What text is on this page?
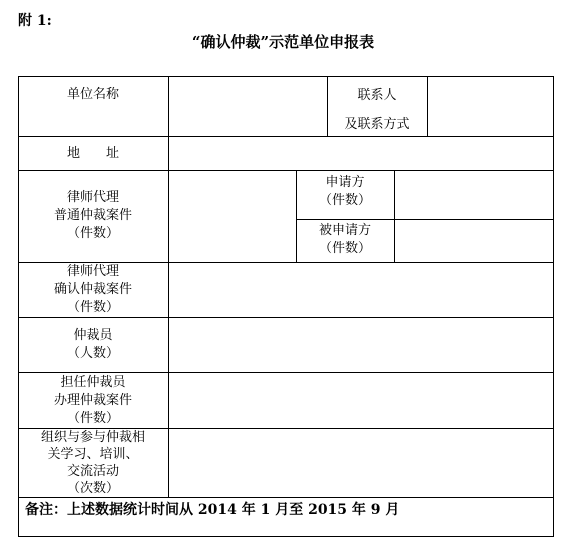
附 1:
“确认仲裁”示范单位申报表
单位名称	联系人
及联系方式
地　　址
律师代理
普通仲裁案件
（件数）
申请方
（件数）
被申请方
（件数）
律师代理
确认仲裁案件
（件数）
仲裁员
（人数）
担任仲裁员
办理仲裁案件
（件数）
组织与参与仲裁相
关学习、培训、
交流活动
（次数）
备注：上述数据统计时间从 2014 年 1 月至 2015 年 9 月
